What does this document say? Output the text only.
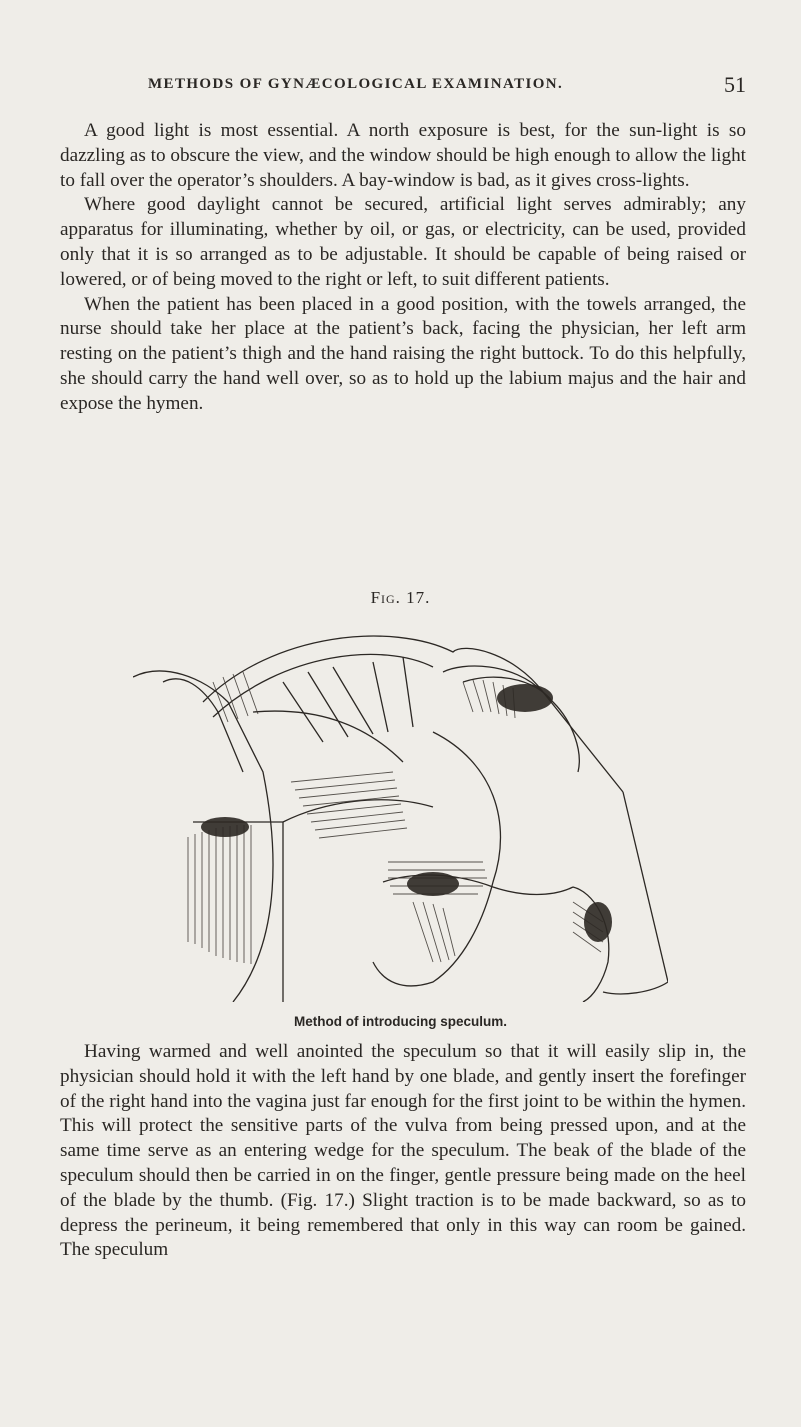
METHODS OF GYNÆCOLOGICAL EXAMINATION.	51

A good light is most essential. A north exposure is best, for the sun-light is so dazzling as to obscure the view, and the window should be high enough to allow the light to fall over the operator’s shoulders. A bay-window is bad, as it gives cross-lights.

Where good daylight cannot be secured, artificial light serves admirably; any apparatus for illuminating, whether by oil, or gas, or electricity, can be used, provided only that it is so arranged as to be adjustable. It should be capable of being raised or lowered, or of being moved to the right or left, to suit different patients.

When the patient has been placed in a good position, with the towels arranged, the nurse should take her place at the patient’s back, facing the physician, her left arm resting on the patient’s thigh and the hand raising the right buttock. To do this helpfully, she should carry the hand well over, so as to hold up the labium majus and the hair and expose the hymen.

Fig. 17.
Method of introducing speculum.

Having warmed and well anointed the speculum so that it will easily slip in, the physician should hold it with the left hand by one blade, and gently insert the forefinger of the right hand into the vagina just far enough for the first joint to be within the hymen. This will protect the sensitive parts of the vulva from being pressed upon, and at the same time serve as an entering wedge for the speculum. The beak of the blade of the speculum should then be carried in on the finger, gentle pressure being made on the heel of the blade by the thumb. (Fig. 17.) Slight traction is to be made backward, so as to depress the perineum, it being remembered that only in this way can room be gained. The speculum
